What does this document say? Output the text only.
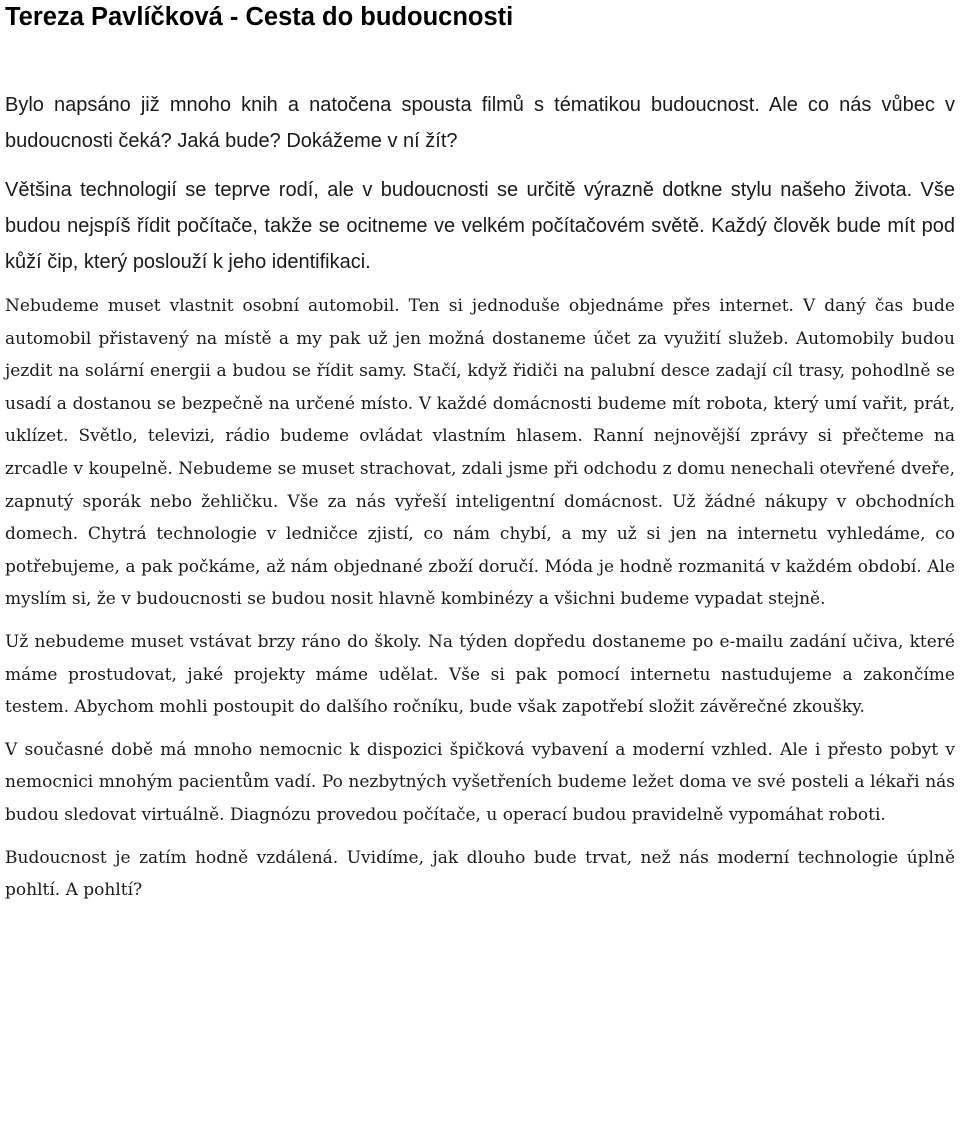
Tereza Pavlíčková - Cesta do budoucnosti

Bylo napsáno již mnoho knih a natočena spousta filmů s tématikou budoucnost. Ale co nás vůbec v budoucnosti čeká? Jaká bude? Dokážeme v ní žít?

Většina technologií se teprve rodí, ale v budoucnosti se určitě výrazně dotkne stylu našeho života. Vše budou nejspíš řídit počítače, takže se ocitneme ve velkém počítačovém světě. Každý člověk bude mít pod kůží čip, který poslouží k jeho identifikaci.

Nebudeme muset vlastnit osobní automobil. Ten si jednoduše objednáme přes internet. V daný čas bude automobil přistavený na místě a my pak už jen možná dostaneme účet za využití služeb. Automobily budou jezdit na solární energii a budou se řídit samy. Stačí, když řidiči na palubní desce zadají cíl trasy, pohodlně se usadí a dostanou se bezpečně na určené místo. V každé domácnosti budeme mít robota, který umí vařit, prát, uklízet. Světlo, televizi, rádio budeme ovládat vlastním hlasem. Ranní nejnovější zprávy si přečteme na zrcadle v koupelně. Nebudeme se muset strachovat, zdali jsme při odchodu z domu nenechali otevřené dveře, zapnutý sporák nebo žehličku. Vše za nás vyřeší inteligentní domácnost. Už žádné nákupy v obchodních domech. Chytrá technologie v ledničce zjistí, co nám chybí, a my už si jen na internetu vyhledáme, co potřebujeme, a pak počkáme, až nám objednané zboží doručí. Móda je hodně rozmanitá v každém období. Ale myslím si, že v budoucnosti se budou nosit hlavně kombinézy a všichni budeme vypadat stejně.

Už nebudeme muset vstávat brzy ráno do školy. Na týden dopředu dostaneme po e-mailu zadání učiva, které máme prostudovat, jaké projekty máme udělat. Vše si pak pomocí internetu nastudujeme a zakončíme testem. Abychom mohli postoupit do dalšího ročníku, bude však zapotřebí složit závěrečné zkoušky.

V současné době má mnoho nemocnic k dispozici špičková vybavení a moderní vzhled. Ale i přesto pobyt v nemocnici mnohým pacientům vadí. Po nezbytných vyšetřeních budeme ležet doma ve své posteli a lékaři nás budou sledovat virtuálně. Diagnózu provedou počítače, u operací budou pravidelně vypomáhat roboti.

Budoucnost je zatím hodně vzdálená. Uvidíme, jak dlouho bude trvat, než nás moderní technologie úplně pohltí. A pohltí?
